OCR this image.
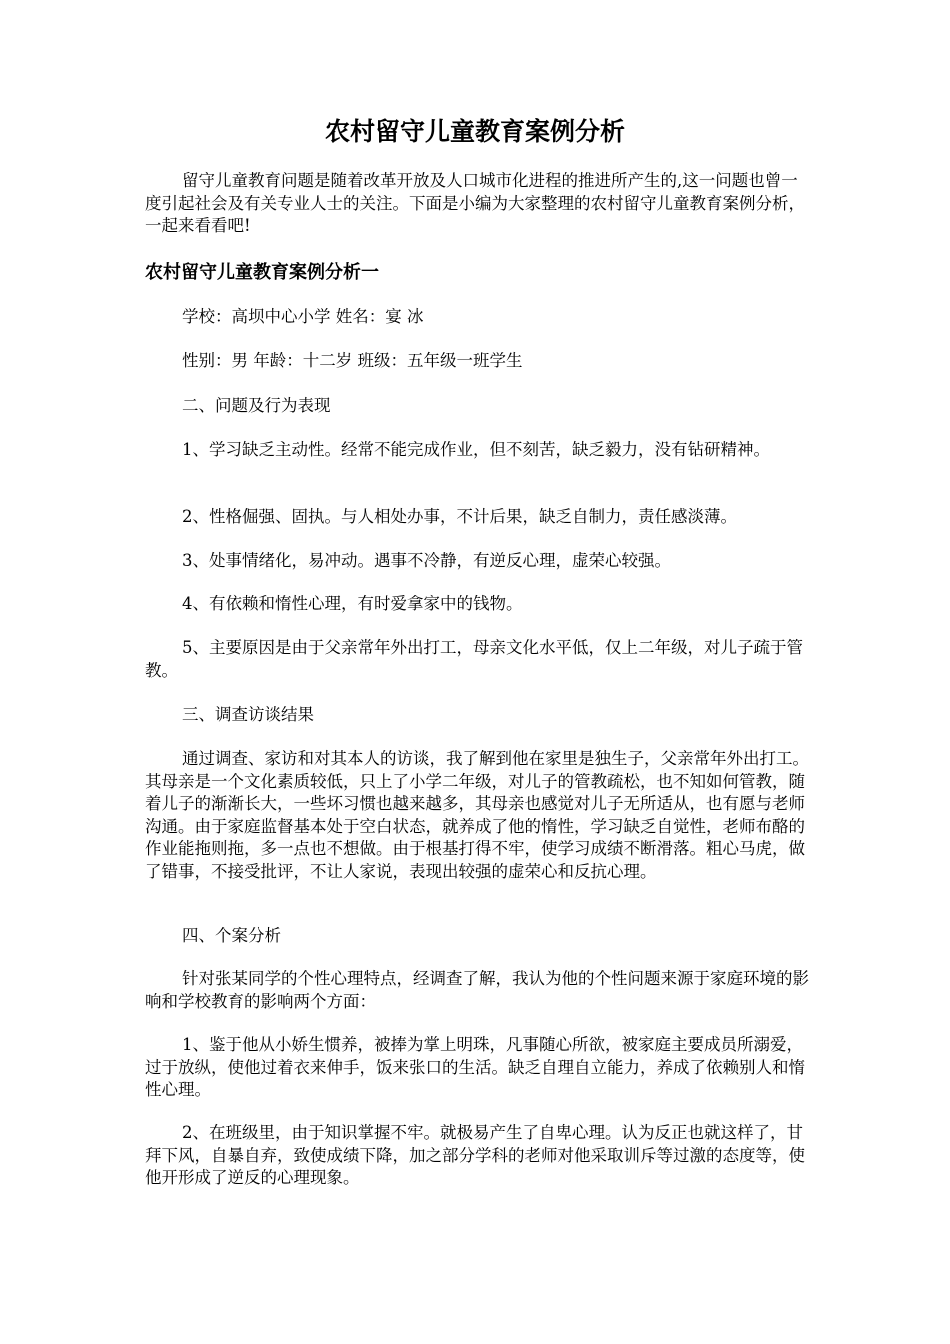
农村留守儿童教育案例分析

留守儿童教育问题是随着改革开放及人口城市化进程的推进所产生的,这一问题也曾一度引起社会及有关专业人士的关注。下面是小编为大家整理的农村留守儿童教育案例分析，一起来看看吧!

农村留守儿童教育案例分析一

学校：高坝中心小学 姓名：宴 冰

性别：男 年龄：十二岁 班级：五年级一班学生

二、问题及行为表现

1、学习缺乏主动性。经常不能完成作业，但不刻苦，缺乏毅力，没有钻研精神。

2、性格倔强、固执。与人相处办事，不计后果，缺乏自制力，责任感淡薄。

3、处事情绪化，易冲动。遇事不冷静，有逆反心理，虚荣心较强。

4、有依赖和惰性心理，有时爱拿家中的钱物。

5、主要原因是由于父亲常年外出打工，母亲文化水平低，仅上二年级，对儿子疏于管教。

三、调查访谈结果

通过调查、家访和对其本人的访谈，我了解到他在家里是独生子，父亲常年外出打工。其母亲是一个文化素质较低，只上了小学二年级，对儿子的管教疏松，也不知如何管教，随着儿子的渐渐长大，一些坏习惯也越来越多，其母亲也感觉对儿子无所适从，也有愿与老师沟通。由于家庭监督基本处于空白状态，就养成了他的惰性，学习缺乏自觉性，老师布酪的作业能拖则拖，多一点也不想做。由于根基打得不牢，使学习成绩不断滑落。粗心马虎，做了错事，不接受批评，不让人家说，表现出较强的虚荣心和反抗心理。

四、个案分析

针对张某同学的个性心理特点，经调查了解，我认为他的个性问题来源于家庭环境的影响和学校教育的影响两个方面：

1、鉴于他从小娇生惯养，被捧为掌上明珠，凡事随心所欲，被家庭主要成员所溺爱，过于放纵，使他过着衣来伸手，饭来张口的生活。缺乏自理自立能力，养成了依赖别人和惰性心理。

2、在班级里，由于知识掌握不牢。就极易产生了自卑心理。认为反正也就这样了，甘拜下风，自暴自弃，致使成绩下降，加之部分学科的老师对他采取训斥等过激的态度等，使他开形成了逆反的心理现象。
